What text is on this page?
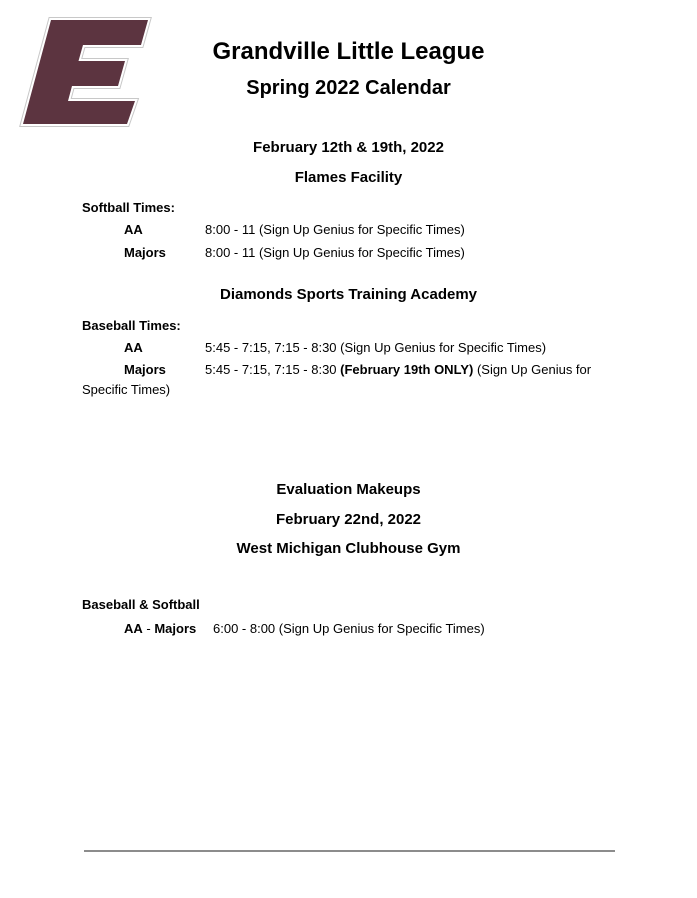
Grandville Little League
Spring 2022 Calendar
February 12th & 19th, 2022
Flames Facility
Softball Times:
AA	8:00 - 11 (Sign Up Genius for Specific Times)
Majors	8:00 - 11 (Sign Up Genius for Specific Times)
Diamonds Sports Training Academy
Baseball Times:
AA	5:45 - 7:15, 7:15 - 8:30 (Sign Up Genius for Specific Times)
Majors	5:45 - 7:15, 7:15 - 8:30 (February 19th ONLY) (Sign Up Genius for
Specific Times)
Evaluation Makeups
February 22nd, 2022
West Michigan Clubhouse Gym
Baseball & Softball
AA - Majors 6:00 - 8:00 (Sign Up Genius for Specific Times)
